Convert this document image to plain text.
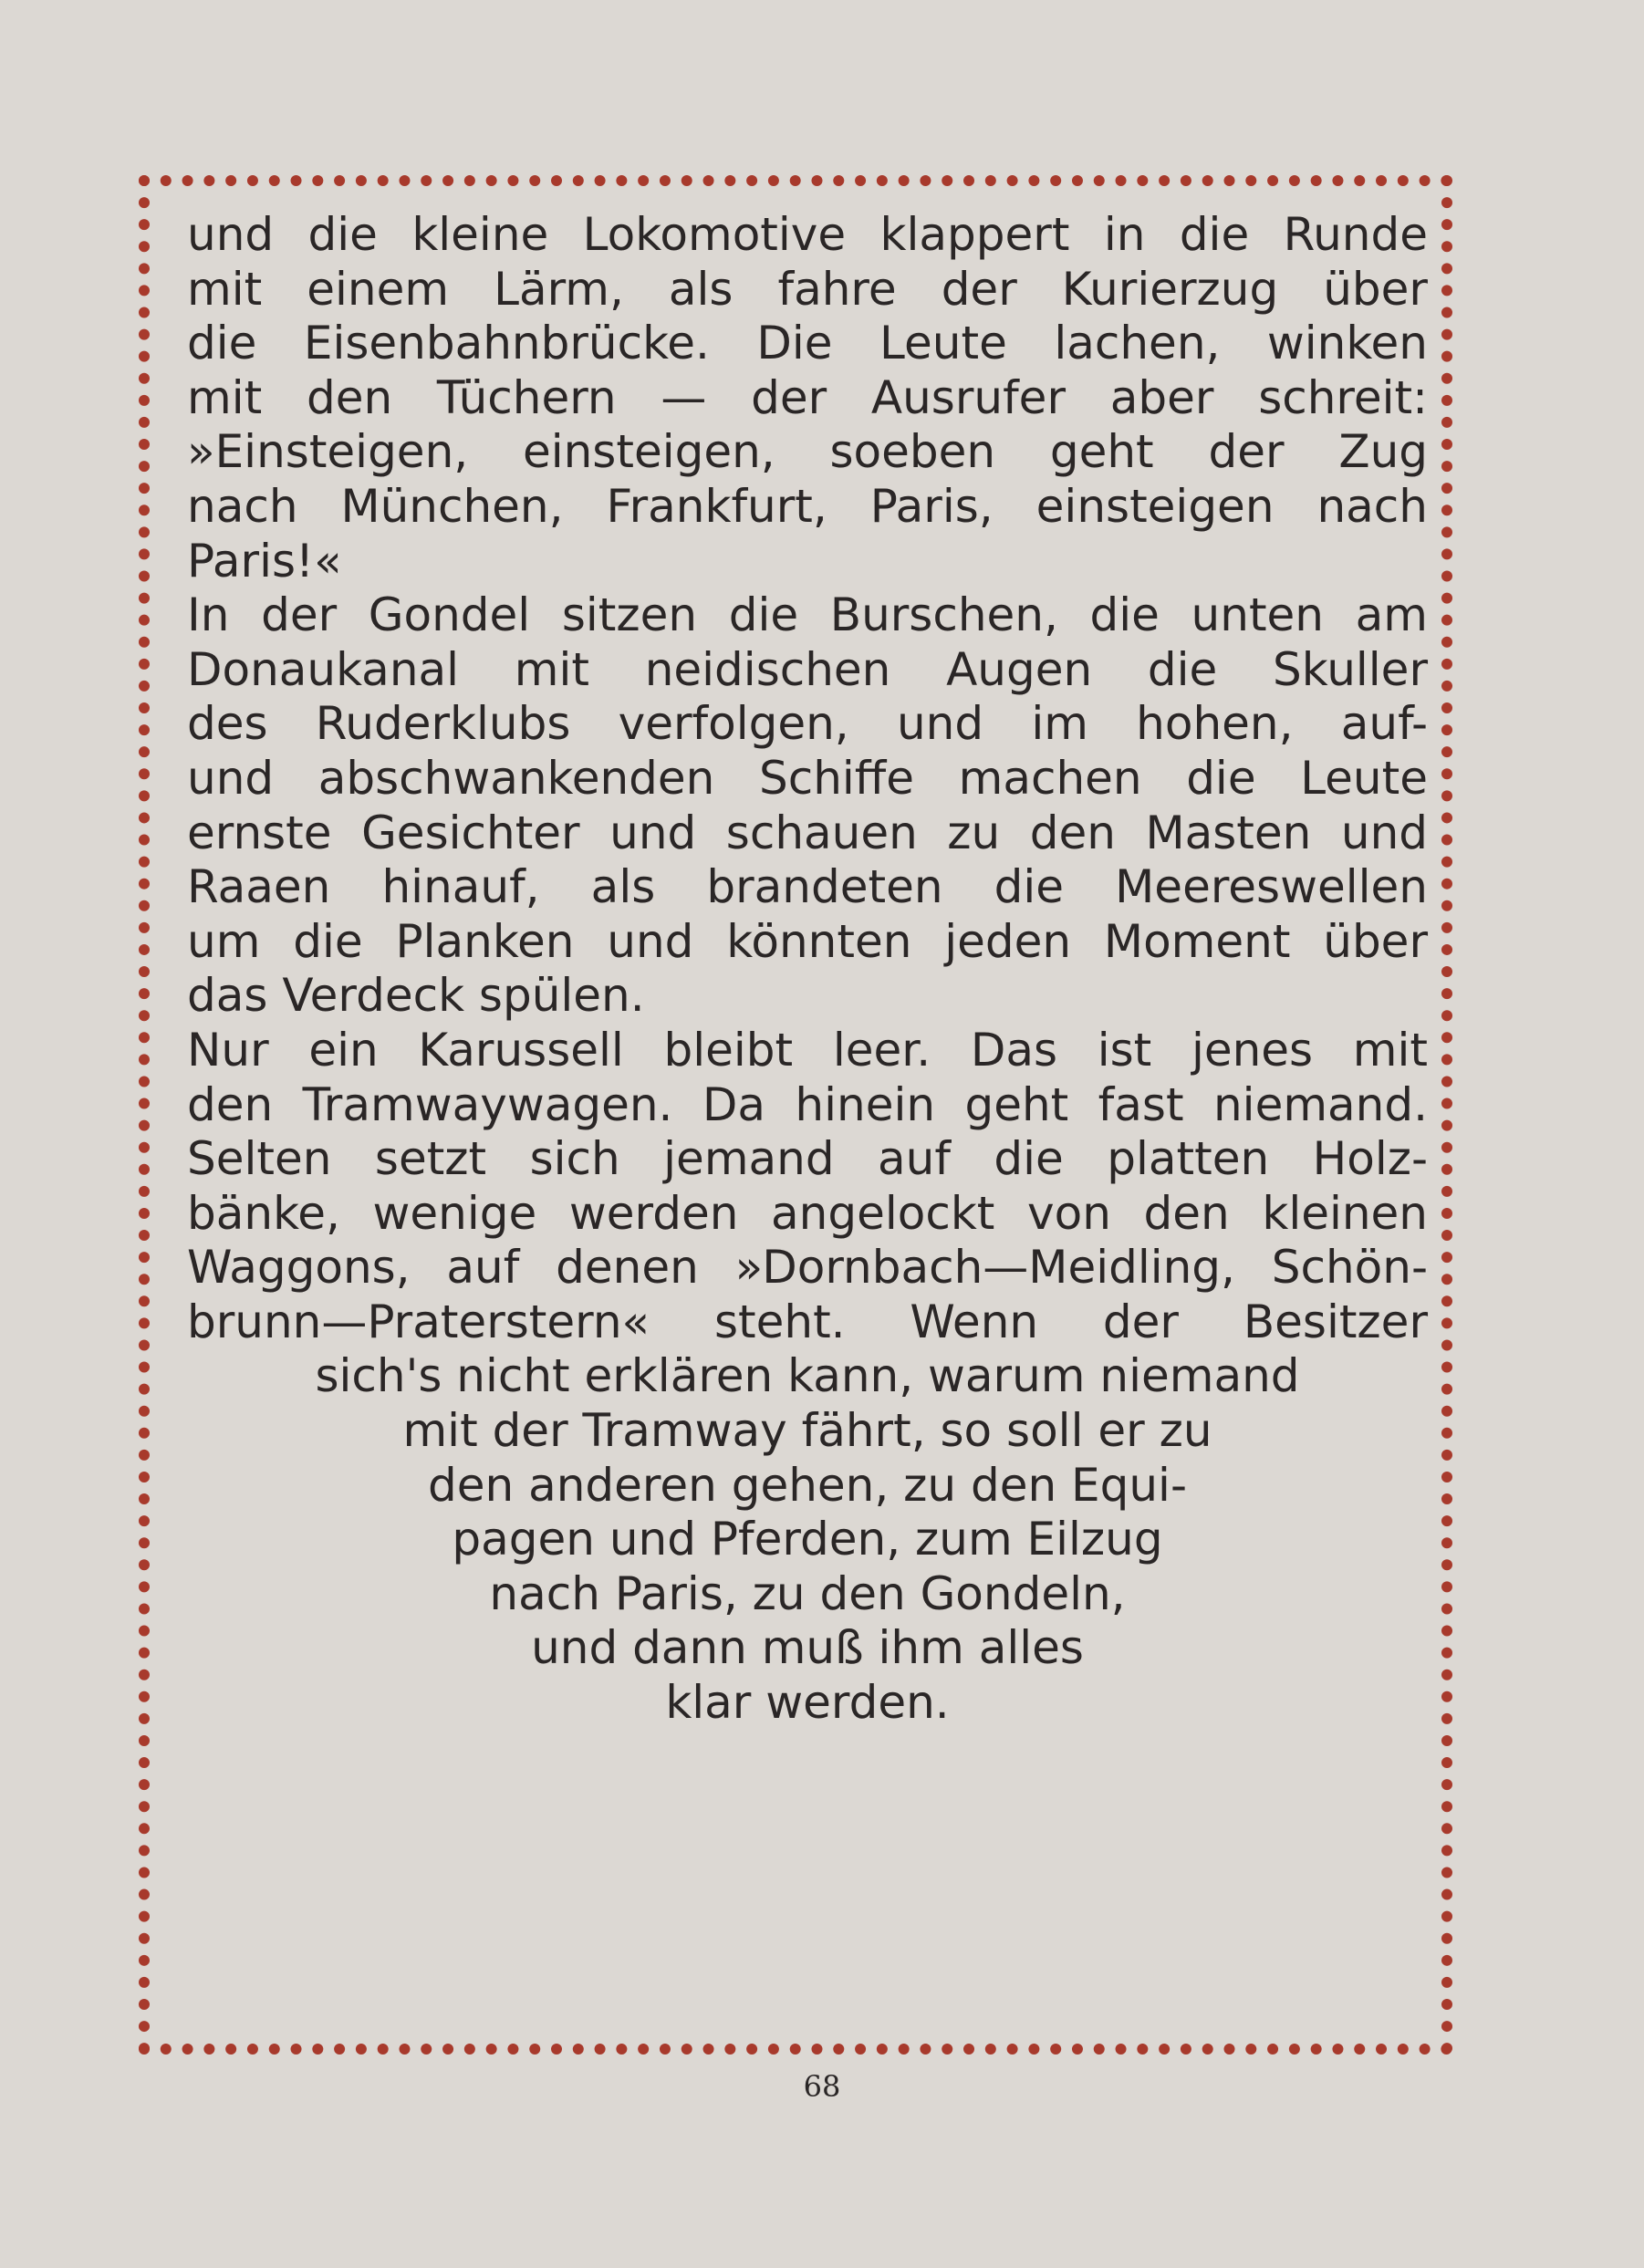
und die kleine Lokomotive klappert in die Runde
mit einem Lärm, als fahre der Kurierzug über
die Eisenbahnbrücke. Die Leute lachen, winken
mit den Tüchern — der Ausrufer aber schreit:
»Einsteigen, einsteigen, soeben geht der Zug
nach München, Frankfurt, Paris, einsteigen nach
Paris!«
In der Gondel sitzen die Burschen, die unten am
Donaukanal mit neidischen Augen die Skuller
des Ruderklubs verfolgen, und im hohen, auf-
und abschwankenden Schiffe machen die Leute
ernste Gesichter und schauen zu den Masten und
Raaen hinauf, als brandeten die Meereswellen
um die Planken und könnten jeden Moment über
das Verdeck spülen.
Nur ein Karussell bleibt leer. Das ist jenes mit
den Tramwaywagen. Da hinein geht fast niemand.
Selten setzt sich jemand auf die platten Holz-
bänke, wenige werden angelockt von den kleinen
Waggons, auf denen »Dornbach—Meidling, Schön-
brunn—Praterstern« steht. Wenn der Besitzer
sich's nicht erklären kann, warum niemand
mit der Tramway fährt, so soll er zu
den anderen gehen, zu den Equi-
pagen und Pferden, zum Eilzug
nach Paris, zu den Gondeln,
und dann muß ihm alles
klar werden.
68
